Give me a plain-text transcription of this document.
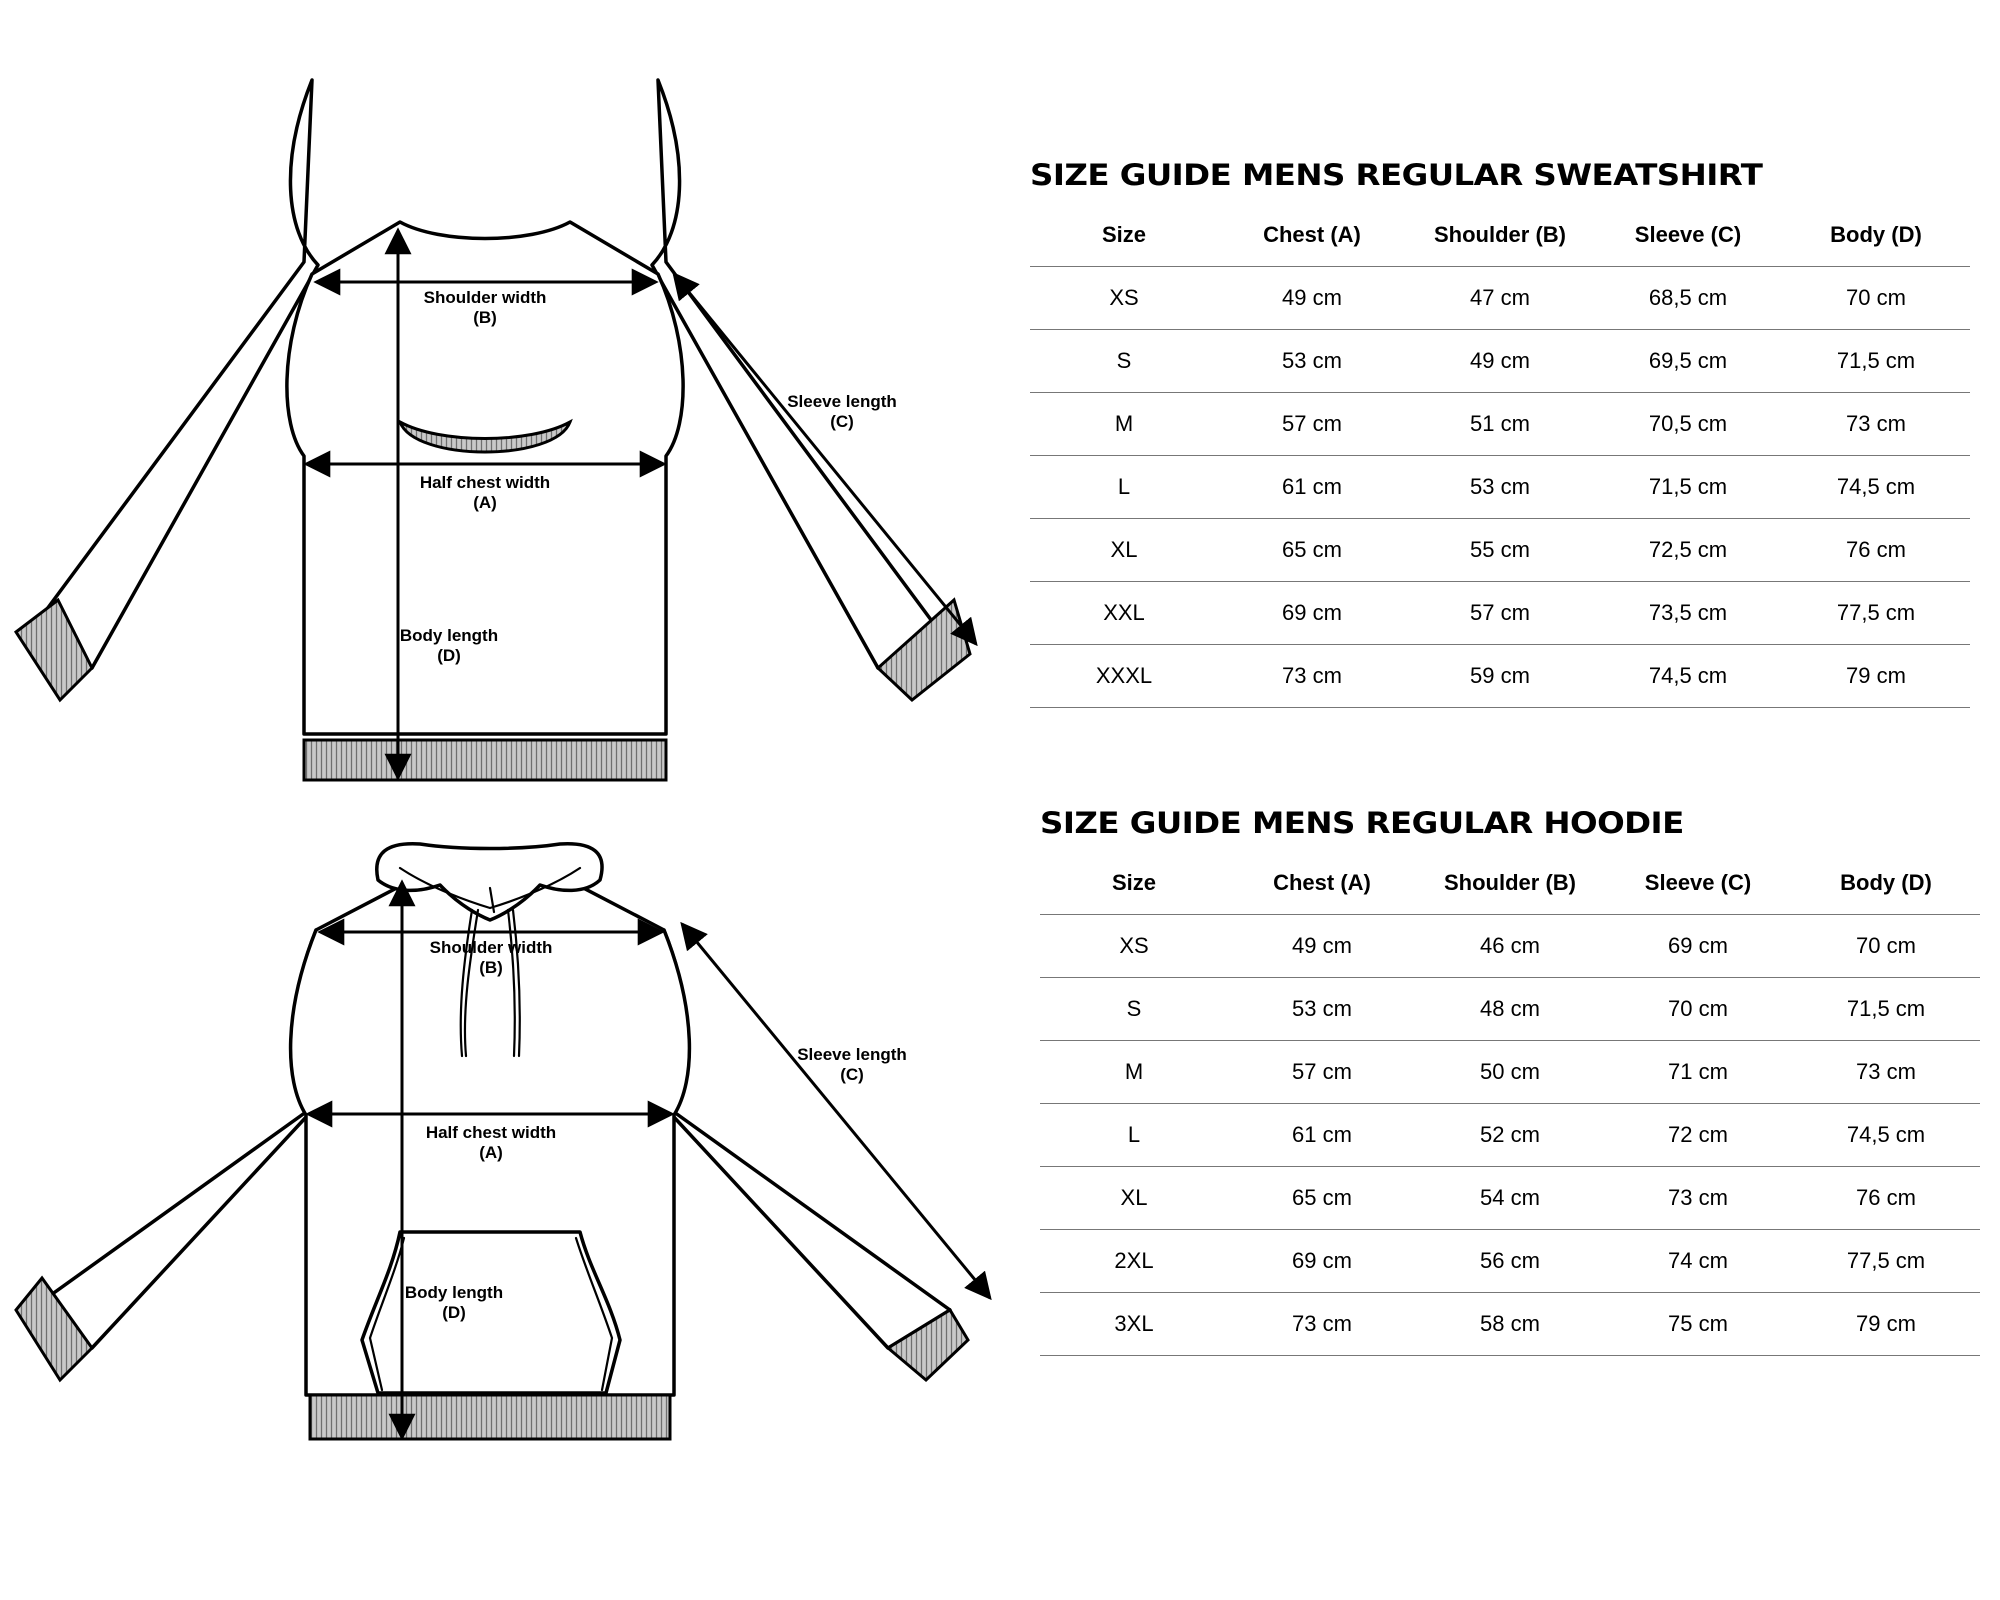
Shoulder width
(B)
Sleeve length
(C)
Half chest width
(A)
Body length
(D)
Shoulder width
(B)
Sleeve length
(C)
Half chest width
(A)
Body length
(D)
SIZE GUIDE MENS REGULAR SWEATSHIRT
Size	Chest (A)	Shoulder (B)	Sleeve (C)	Body (D)
XS	49 cm	47 cm	68,5 cm	70 cm
S	53 cm	49 cm	69,5 cm	71,5 cm
M	57 cm	51 cm	70,5 cm	73 cm
L	61 cm	53 cm	71,5 cm	74,5 cm
XL	65 cm	55 cm	72,5 cm	76 cm
XXL	69 cm	57 cm	73,5 cm	77,5 cm
XXXL	73 cm	59 cm	74,5 cm	79 cm
SIZE GUIDE MENS REGULAR HOODIE
Size	Chest (A)	Shoulder (B)	Sleeve (C)	Body (D)
XS	49 cm	46 cm	69 cm	70 cm
S	53 cm	48 cm	70 cm	71,5 cm
M	57 cm	50 cm	71 cm	73 cm
L	61 cm	52 cm	72 cm	74,5 cm
XL	65 cm	54 cm	73 cm	76 cm
2XL	69 cm	56 cm	74 cm	77,5 cm
3XL	73 cm	58 cm	75 cm	79 cm
